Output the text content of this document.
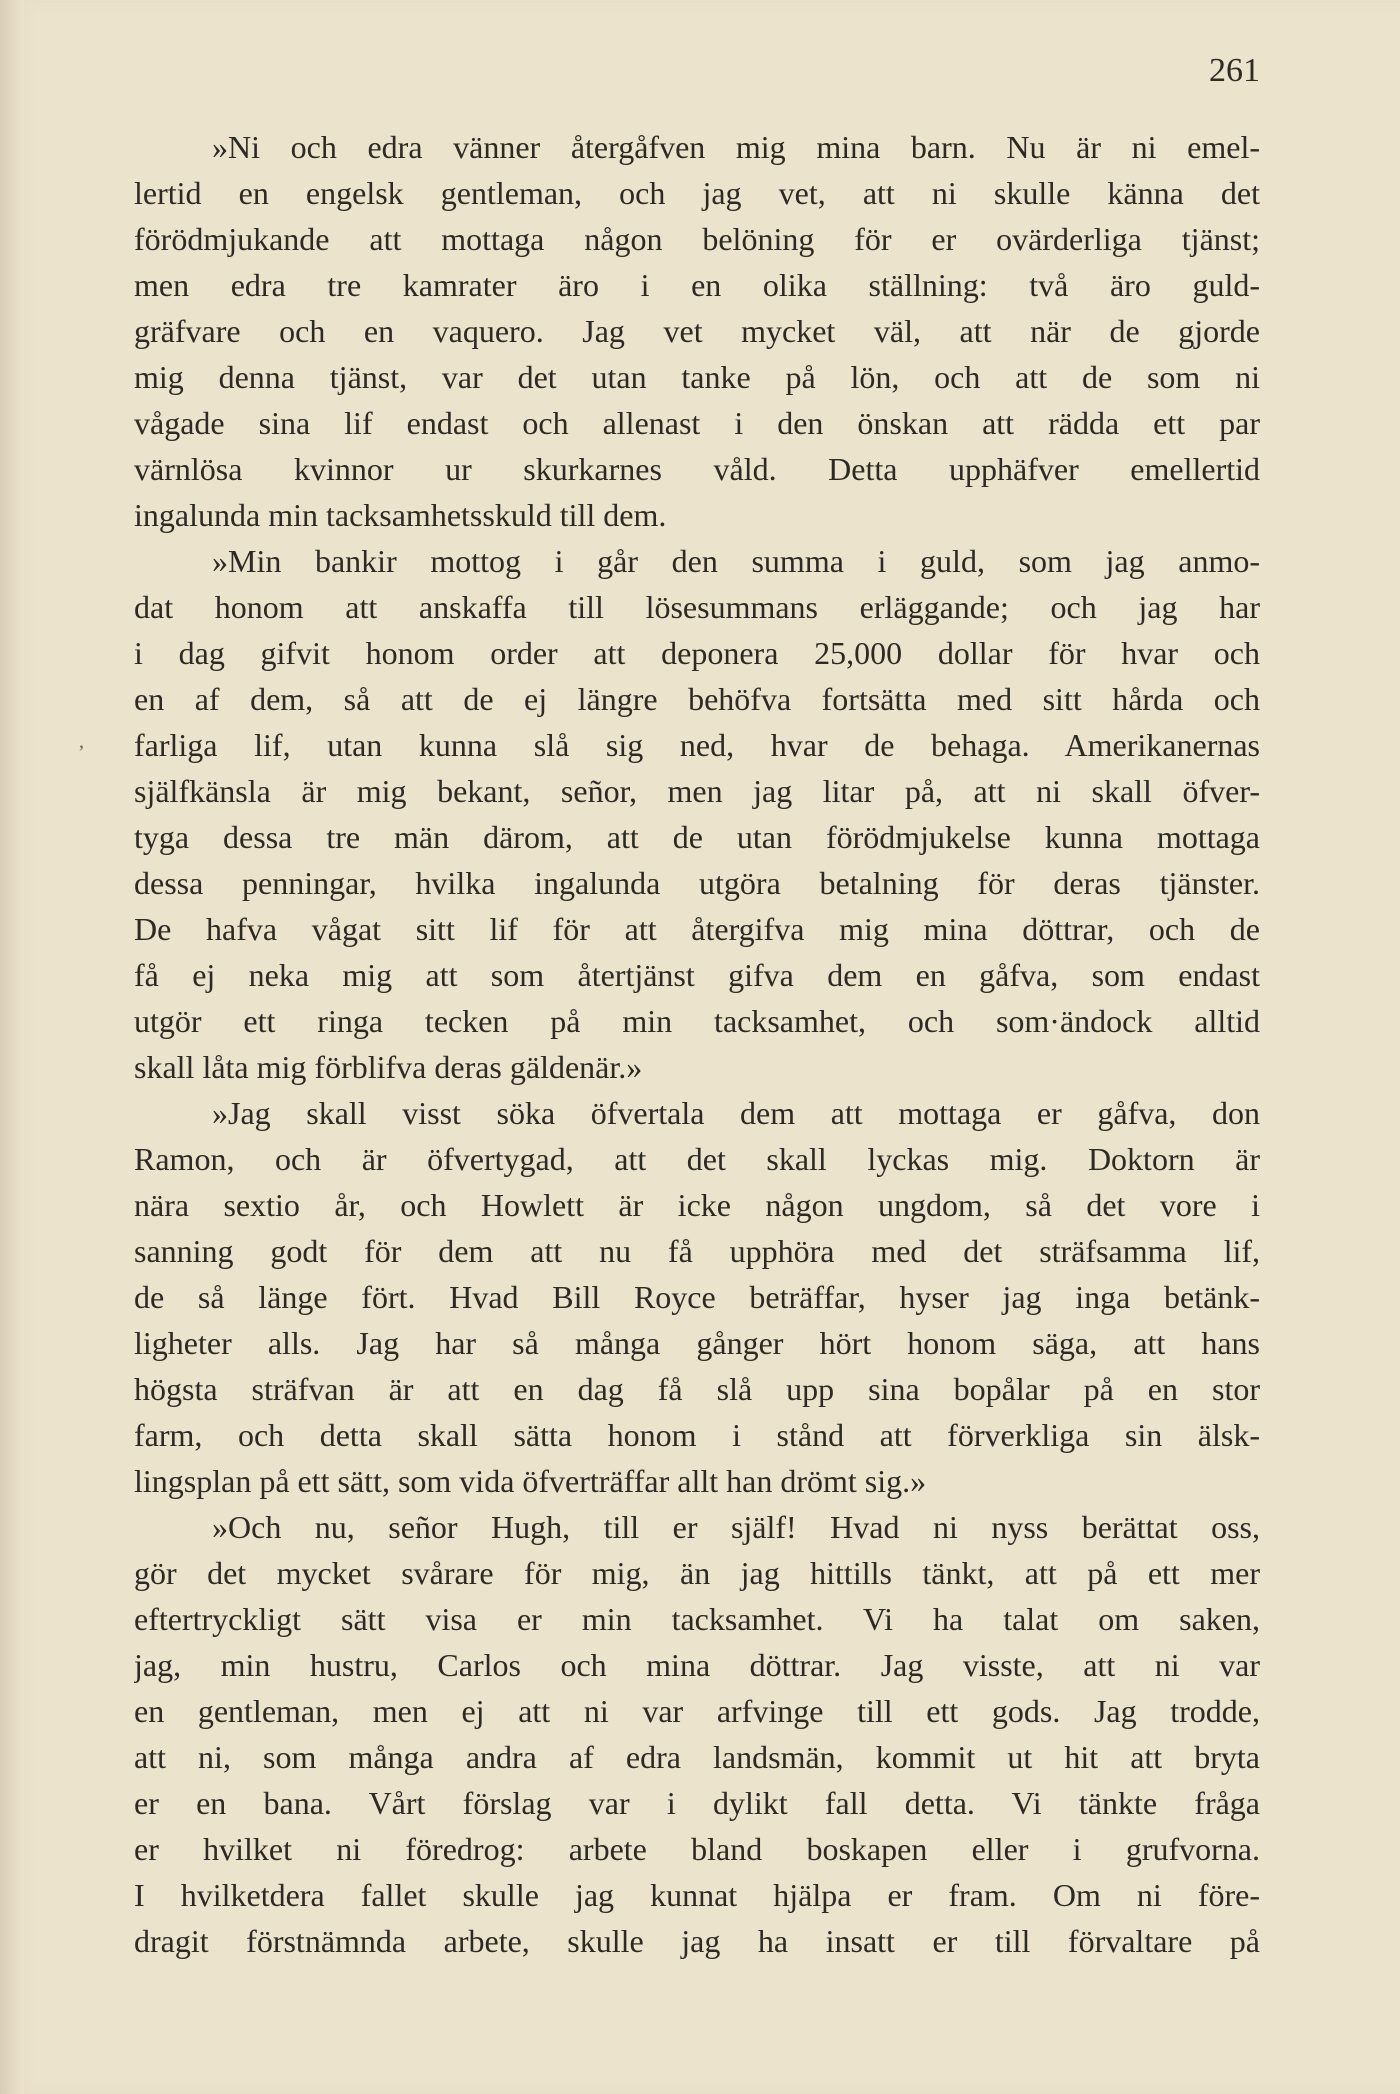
261
ʼ
»Ni och edra vänner återgåfven mig mina barn. Nu är ni emel-
lertid en engelsk gentleman, och jag vet, att ni skulle känna det
förödmjukande att mottaga någon belöning för er ovärderliga tjänst;
men edra tre kamrater äro i en olika ställning: två äro guld-
gräfvare och en vaquero. Jag vet mycket väl, att när de gjorde
mig denna tjänst, var det utan tanke på lön, och att de som ni
vågade sina lif endast och allenast i den önskan att rädda ett par
värnlösa kvinnor ur skurkarnes våld. Detta upphäfver emellertid
ingalunda min tacksamhetsskuld till dem.
»Min bankir mottog i går den summa i guld, som jag anmo-
dat honom att anskaffa till lösesummans erläggande; och jag har
i dag gifvit honom order att deponera 25,000 dollar för hvar och
en af dem, så att de ej längre behöfva fortsätta med sitt hårda och
farliga lif, utan kunna slå sig ned, hvar de behaga. Amerikanernas
själfkänsla är mig bekant, señor, men jag litar på, att ni skall öfver-
tyga dessa tre män därom, att de utan förödmjukelse kunna mottaga
dessa penningar, hvilka ingalunda utgöra betalning för deras tjänster.
De hafva vågat sitt lif för att återgifva mig mina döttrar, och de
få ej neka mig att som återtjänst gifva dem en gåfva, som endast
utgör ett ringa tecken på min tacksamhet, och som·ändock alltid
skall låta mig förblifva deras gäldenär.»
»Jag skall visst söka öfvertala dem att mottaga er gåfva, don
Ramon, och är öfvertygad, att det skall lyckas mig. Doktorn är
nära sextio år, och Howlett är icke någon ungdom, så det vore i
sanning godt för dem att nu få upphöra med det sträfsamma lif,
de så länge fört. Hvad Bill Royce beträffar, hyser jag inga betänk-
ligheter alls. Jag har så många gånger hört honom säga, att hans
högsta sträfvan är att en dag få slå upp sina bopålar på en stor
farm, och detta skall sätta honom i stånd att förverkliga sin älsk-
lingsplan på ett sätt, som vida öfverträffar allt han drömt sig.»
»Och nu, señor Hugh, till er själf! Hvad ni nyss berättat oss,
gör det mycket svårare för mig, än jag hittills tänkt, att på ett mer
eftertryckligt sätt visa er min tacksamhet. Vi ha talat om saken,
jag, min hustru, Carlos och mina döttrar. Jag visste, att ni var
en gentleman, men ej att ni var arfvinge till ett gods. Jag trodde,
att ni, som många andra af edra landsmän, kommit ut hit att bryta
er en bana. Vårt förslag var i dylikt fall detta. Vi tänkte fråga
er hvilket ni föredrog: arbete bland boskapen eller i grufvorna.
I hvilketdera fallet skulle jag kunnat hjälpa er fram. Om ni före-
dragit förstnämnda arbete, skulle jag ha insatt er till förvaltare på
